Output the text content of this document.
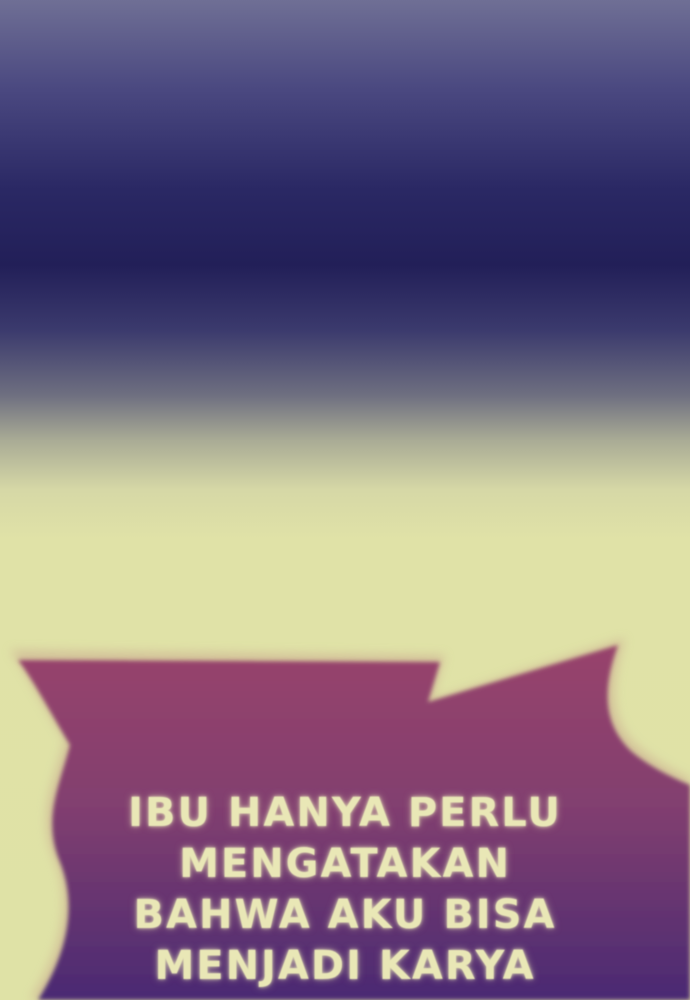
IBU HANYA PERLU
MENGATAKAN
BAHWA AKU BISA
MENJADI KARYA
